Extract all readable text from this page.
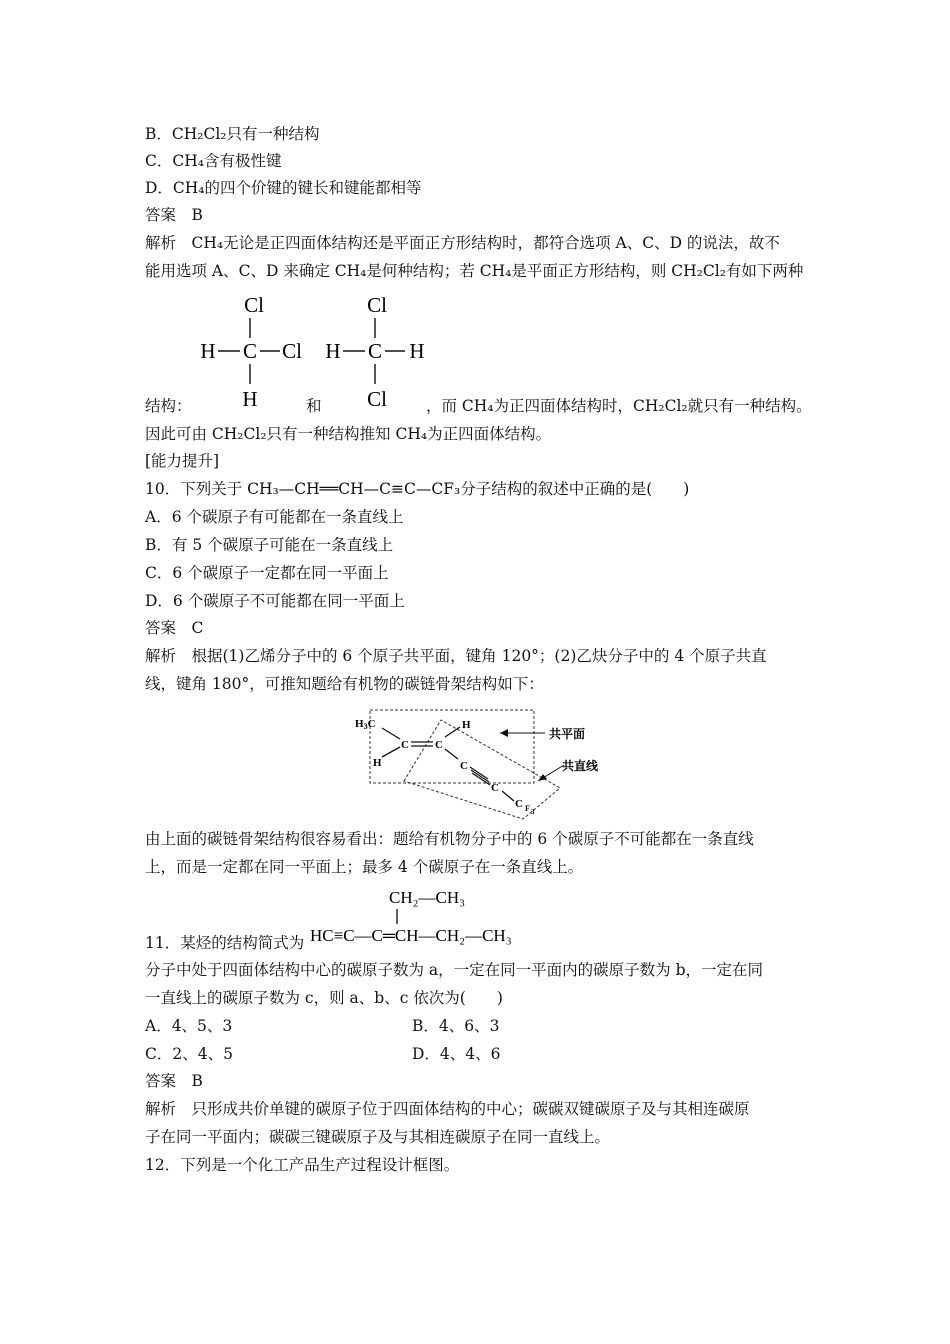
B．CH₂Cl₂只有一种结构
C．CH₄含有极性键
D．CH₄的四个价键的键长和键能都相等
答案　B
解析　CH₄无论是正四面体结构还是平面正方形结构时，都符合选项 A、C、D 的说法，故不
能用选项 A、C、D 来确定 CH₄是何种结构；若 CH₄是平面正方形结构，则 CH₂Cl₂有如下两种
Cl
H C Cl
H
Cl
H C H
Cl
结构：	和	，而 CH₄为正四面体结构时，CH₂Cl₂就只有一种结构。
因此可由 CH₂Cl₂只有一种结构推知 CH₄为正四面体结构。
[能力提升]
10．下列关于 CH₃—CH══CH—C≡C—CF₃分子结构的叙述中正确的是(　　)
A．6 个碳原子有可能都在一条直线上
B．有 5 个碳原子可能在一条直线上
C．6 个碳原子一定都在同一平面上
D．6 个碳原子不可能都在同一平面上
答案　C
解析　根据(1)乙烯分子中的 6 个原子共平面，键角 120°；(2)乙炔分子中的 4 个原子共直
线，键角 180°，可推知题给有机物的碳链骨架结构如下：
H3C
C
H
C
H
C
C
C F 3
共平面
共直线
由上面的碳链骨架结构很容易看出：题给有机物分子中的 6 个碳原子不可能都在一条直线
上，而是一定都在同一平面上；最多 4 个碳原子在一条直线上。
CH₂—CH₃
HC≡C—C═CH—CH₂—CH₃
11．某烃的结构简式为
分子中处于四面体结构中心的碳原子数为 a，一定在同一平面内的碳原子数为 b，一定在同
一直线上的碳原子数为 c，则 a、b、c 依次为(　　)
A．4、5、3	B．4、6、3
C．2、4、5	D．4、4、6
答案　B
解析　只形成共价单键的碳原子位于四面体结构的中心；碳碳双键碳原子及与其相连碳原
子在同一平面内；碳碳三键碳原子及与其相连碳原子在同一直线上。
12．下列是一个化工产品生产过程设计框图。
